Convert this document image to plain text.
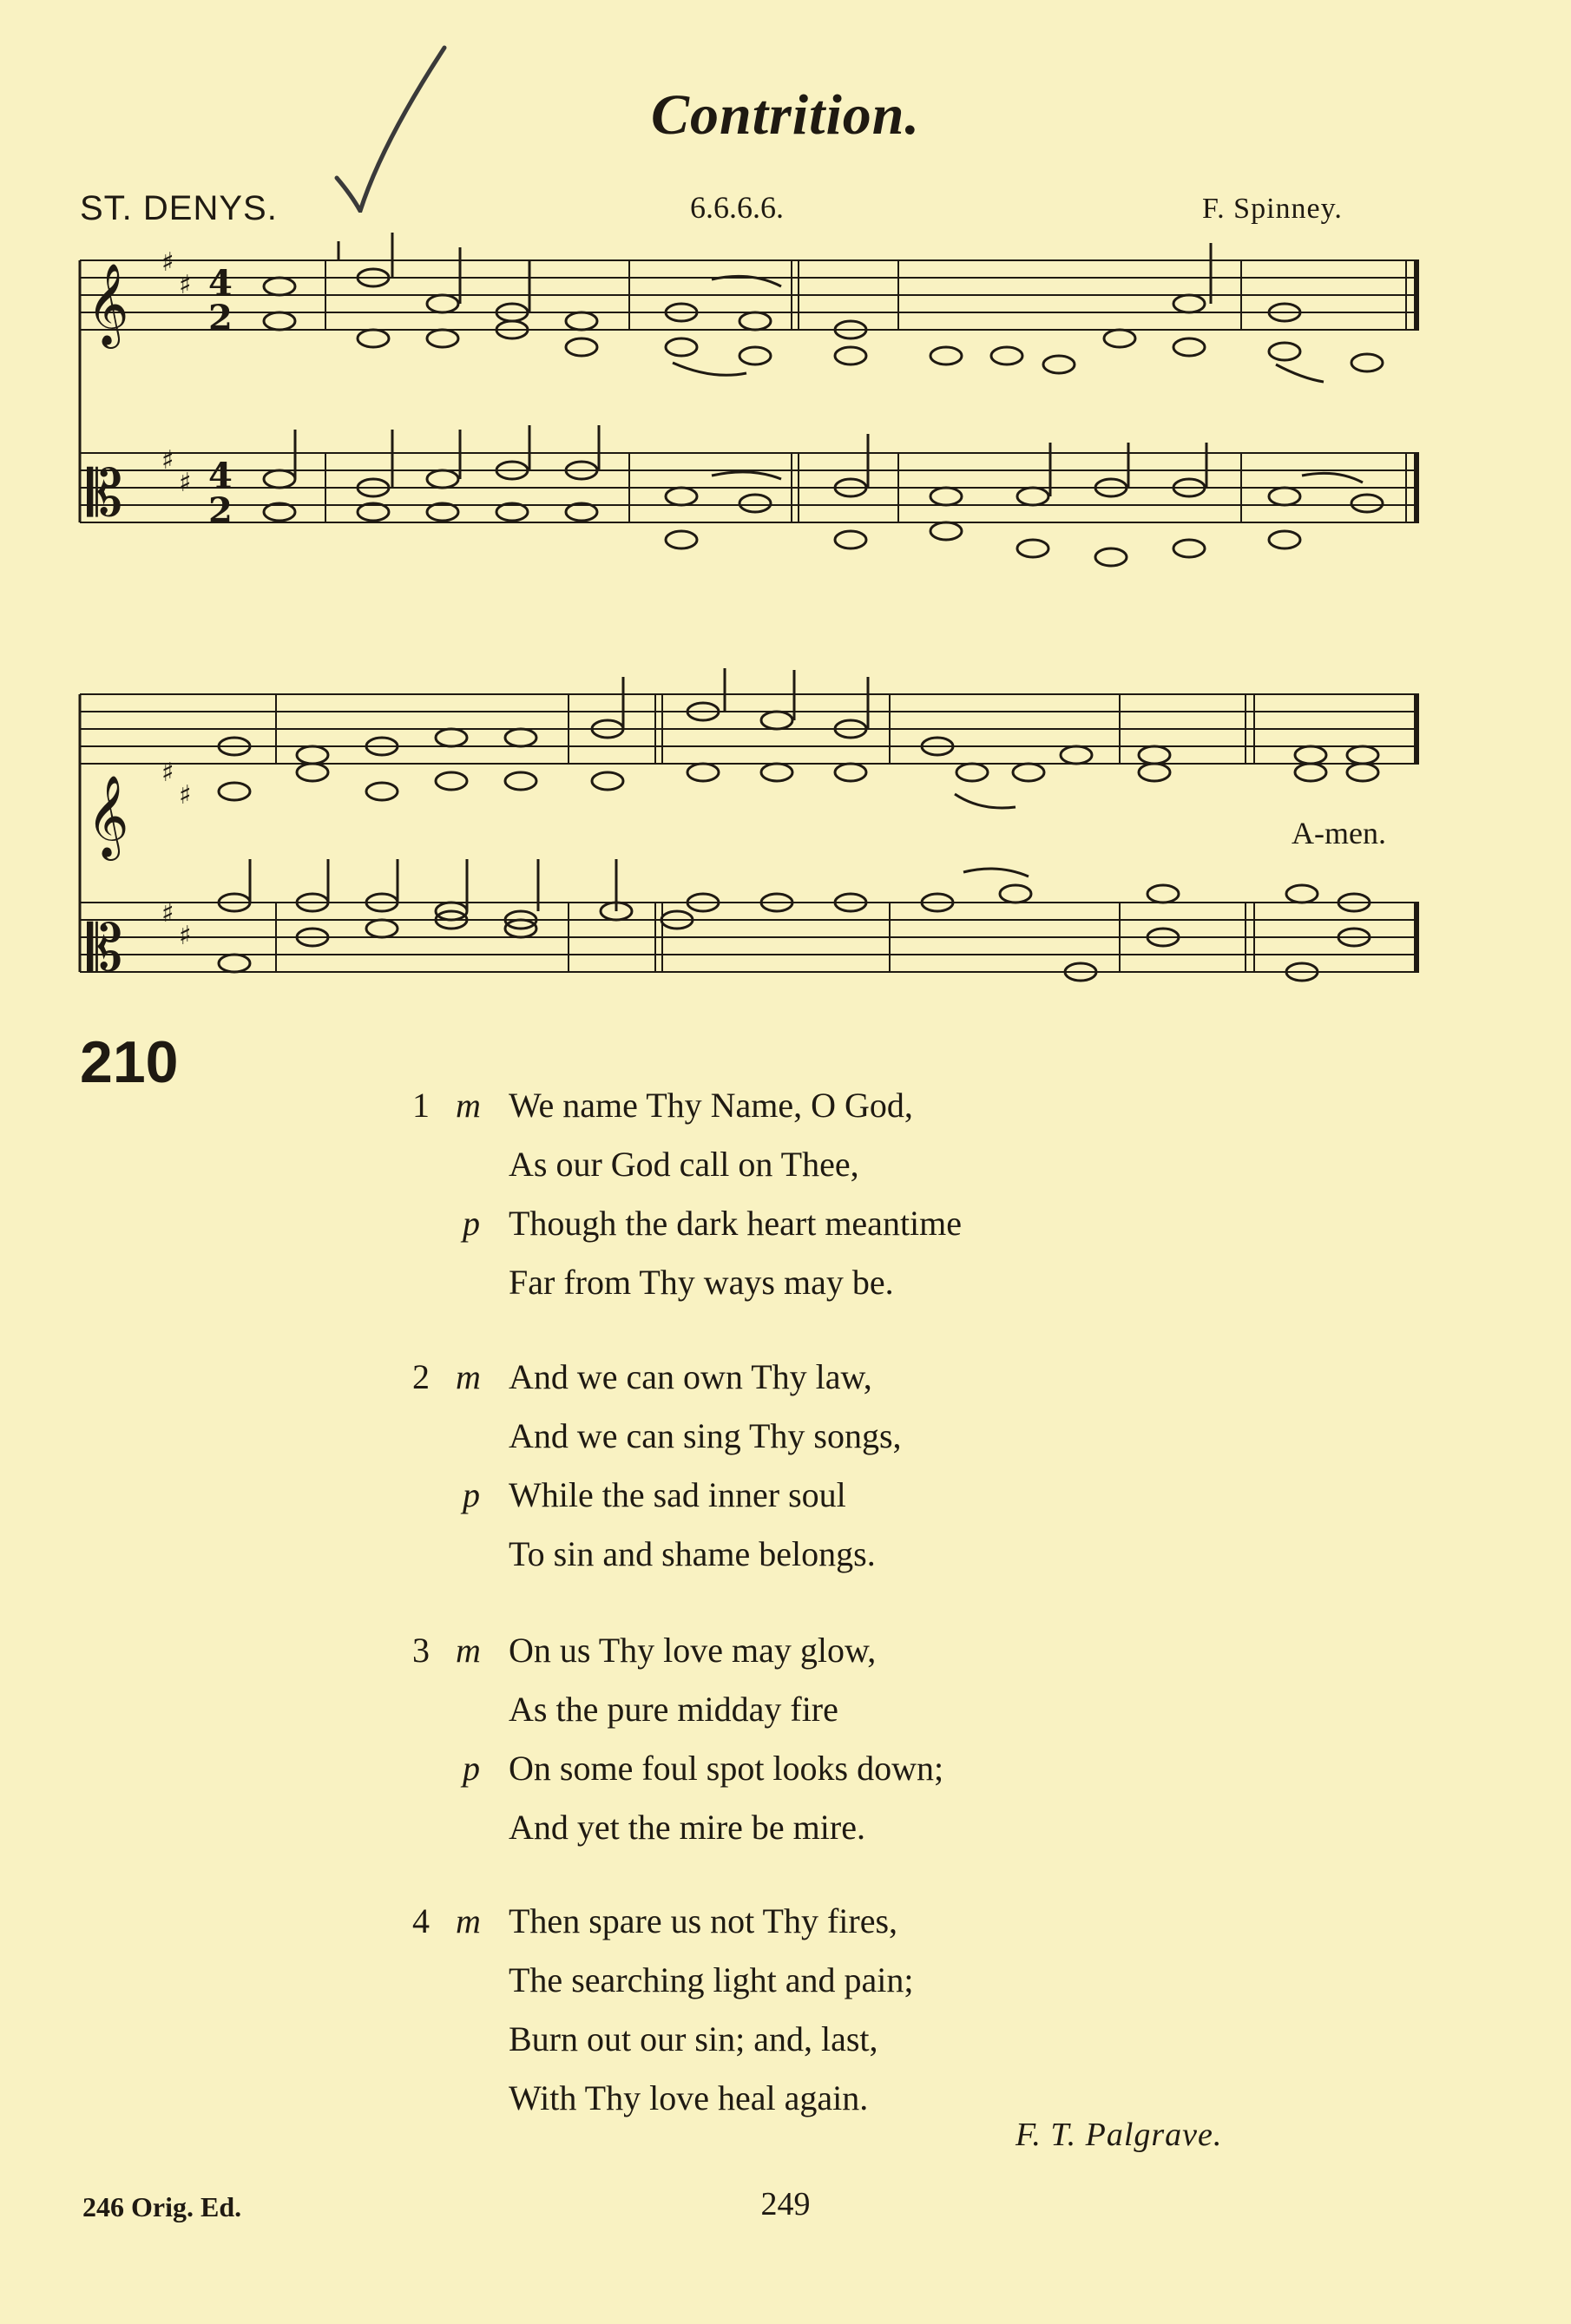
Contrition.
ST. DENYS.	6.6.6.6.	F. Spinney.
𝄞
𝄡
𝄞
𝄡
♯
♯
♯
♯
♯
♯
♯
♯
4
2
4
2
A-men.
210
1 m We name Thy Name, O God,
As our God call on Thee,
p Though the dark heart meantime
Far from Thy ways may be.
2 m And we can own Thy law,
And we can sing Thy songs,
p While the sad inner soul
To sin and shame belongs.
3 m On us Thy love may glow,
As the pure midday fire
p On some foul spot looks down;
And yet the mire be mire.
4 m Then spare us not Thy fires,
The searching light and pain;
Burn out our sin; and, last,
With Thy love heal again.
F. T. Palgrave.
246 Orig. Ed.	249
